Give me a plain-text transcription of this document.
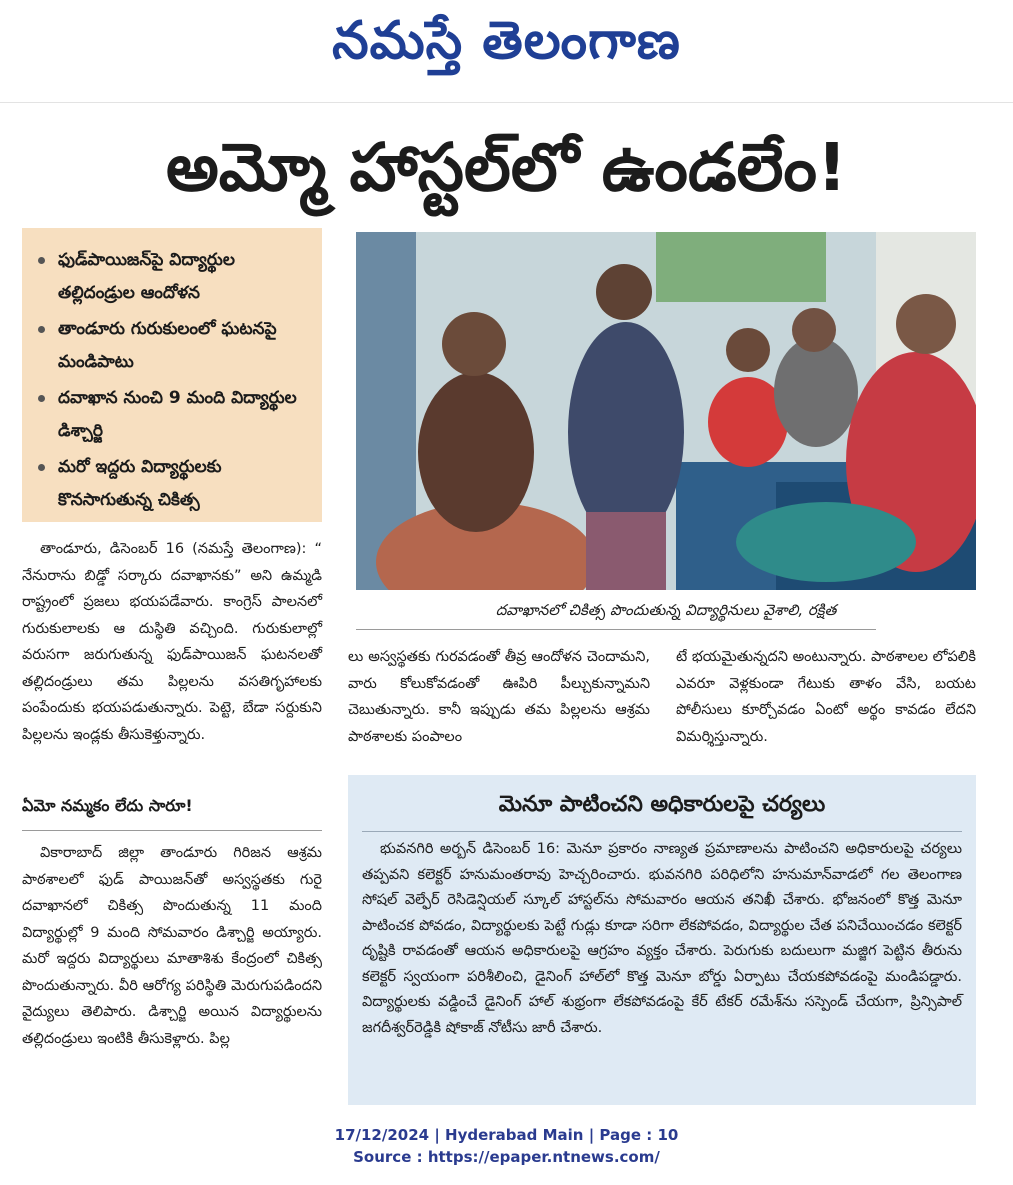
నమస్తే తెలంగాణ
అమ్మో హాస్టల్‌లో ఉండలేం!
ఫుడ్‌పాయిజన్‌పై విద్యార్థుల తల్లిదండ్రుల ఆందోళన
తాండూరు గురుకులంలో ఘటనపై మండిపాటు
దవాఖాన నుంచి 9 మంది విద్యార్థుల డిశ్చార్జి
మరో ఇద్దరు విద్యార్థులకు కొనసాగుతున్న చికిత్స
దవాఖానలో చికిత్స పొందుతున్న విద్యార్థినులు వైశాలి, రక్షిత

తాండూరు, డిసెంబర్ 16 (నమస్తే తెలంగాణ): “ నేనురాను బిడ్డో సర్కారు దవాఖానకు” అని ఉమ్మడి రాష్ట్రంలో ప్రజలు భయపడేవారు. కాంగ్రెస్ పాలనలో గురుకులాలకు ఆ దుస్థితి వచ్చింది. గురుకులాల్లో వరుసగా జరుగుతున్న ఫుడ్‌పాయిజన్ ఘటనలతో తల్లిదండ్రులు తమ పిల్లలను వసతిగృహాలకు పంపేందుకు భయపడుతున్నారు. పెట్టె, బేడా సర్దుకుని పిల్లలను ఇండ్లకు తీసుకెళ్తున్నారు.

ఏమో నమ్మకం లేదు సారూ!

వికారాబాద్ జిల్లా తాండూరు గిరిజన ఆశ్రమ పాఠశాలలో ఫుడ్ పాయిజన్‌తో అస్వస్థతకు గురై దవాఖానలో చికిత్స పొందుతున్న 11 మంది విద్యార్థుల్లో 9 మంది సోమవారం డిశ్చార్జి అయ్యారు. మరో ఇద్దరు విద్యార్థులు మాతాశిశు కేంద్రంలో చికిత్స పొందుతున్నారు. వీరి ఆరోగ్య పరిస్థితి మెరుగుపడిందని వైద్యులు తెలిపారు. డిశ్చార్జి అయిన విద్యార్థులను తల్లిదండ్రులు ఇంటికి తీసుకెళ్లారు. పిల్ల

లు అస్వస్థతకు గురవడంతో తీవ్ర ఆందోళన చెందామని, వారు కోలుకోవడంతో ఊపిరి పీల్చుకున్నామని చెబుతున్నారు. కానీ ఇప్పుడు తమ పిల్లలను ఆశ్రమ పాఠశాలకు పంపాలం

టే భయమైతున్నదని అంటున్నారు. పాఠశాలల లోపలికి ఎవరూ వెళ్లకుండా గేటుకు తాళం వేసి, బయట పోలీసులు కూర్చోవడం ఏంటో అర్థం కావడం లేదని విమర్శిస్తున్నారు.

మెనూ పాటించని అధికారులపై చర్యలు

భువనగిరి అర్బన్ డిసెంబర్ 16: మెనూ ప్రకారం నాణ్యత ప్రమాణాలను పాటించని అధికారులపై చర్యలు తప్పవని కలెక్టర్ హనుమంతరావు హెచ్చరించారు. భువనగిరి పరిధిలోని హనుమాన్‌వాడలో గల తెలంగాణ సోషల్ వెల్ఫేర్ రెసిడెన్షియల్ స్కూల్ హాస్టల్‌ను సోమవారం ఆయన తనిఖీ చేశారు. భోజనంలో కొత్త మెనూ పాటించక పోవడం, విద్యార్థులకు పెట్టే గుడ్లు కూడా సరిగా లేకపోవడం, విద్యార్థుల చేత పనిచేయించడం కలెక్టర్ దృష్టికి రావడంతో ఆయన అధికారులపై ఆగ్రహం వ్యక్తం చేశారు. పెరుగుకు బదులుగా మజ్జిగ పెట్టిన తీరును కలెక్టర్ స్వయంగా పరిశీలించి, డైనింగ్ హాల్‌లో కొత్త మెనూ బోర్డు ఏర్పాటు చేయకపోవడంపై మండిపడ్డారు. విద్యార్థులకు వడ్డించే డైనింగ్ హాల్ శుభ్రంగా లేకపోవడంపై కేర్ టేకర్ రమేశ్‌ను సస్పెండ్ చేయగా, ప్రిన్సిపాల్ జగదీశ్వర్‌రెడ్డికి షోకాజ్ నోటీసు జారీ చేశారు.

17/12/2024 | Hyderabad Main | Page : 10
Source : https://epaper.ntnews.com/
